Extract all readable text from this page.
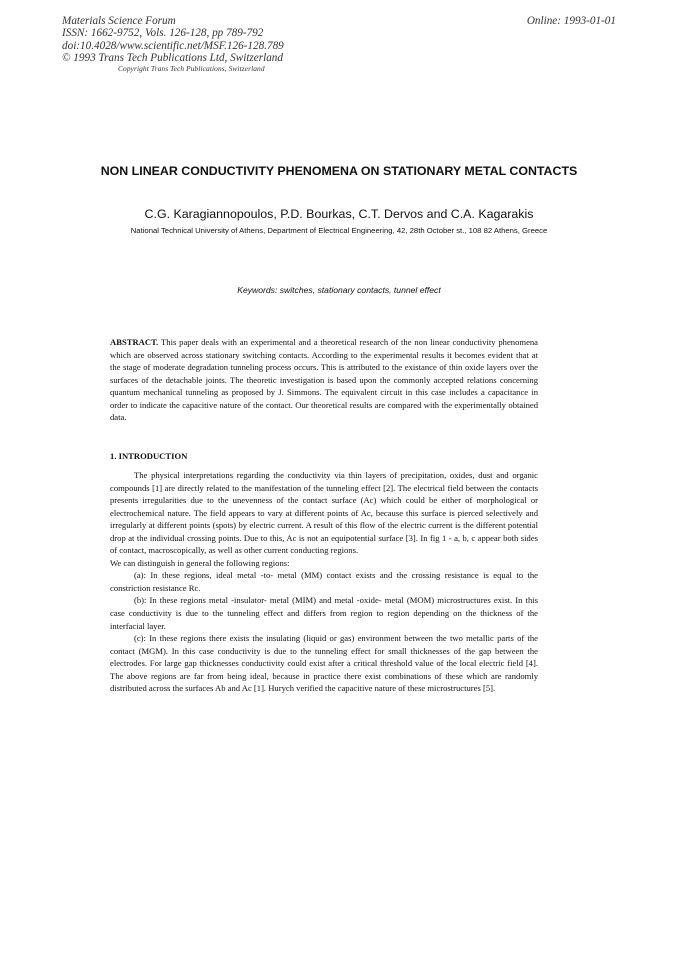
Materials Science Forum
ISSN: 1662-9752, Vols. 126-128, pp 789-792
doi:10.4028/www.scientific.net/MSF.126-128.789
© 1993 Trans Tech Publications Ltd, Switzerland
Online: 1993-01-01
Copyright Trans Tech Publications, Switzerland
NON LINEAR CONDUCTIVITY PHENOMENA ON STATIONARY METAL CONTACTS
C.G. Karagiannopoulos, P.D. Bourkas, C.T. Dervos and C.A. Kagarakis
National Technical University of Athens, Department of Electrical Engineering, 42, 28th October st., 108 82 Athens, Greece
Keywords: switches, stationary contacts, tunnel effect
ABSTRACT. This paper deals with an experimental and a theoretical research of the non linear conductivity phenomena which are observed across stationary switching contacts. According to the experimental results it becomes evident that at the stage of moderate degradation tunneling process occurs. This is attributed to the existance of thin oxide layers over the surfaces of the detachable joints. The theoretic investigation is based upon the commonly accepted relations concerning quantum mechanical tunneling as proposed by J. Simmons. The equivalent circuit in this case includes a capacitance in order to indicate the capacitive nature of the contact. Our theoretical results are compared with the experimentally obtained data.
1. INTRODUCTION

The physical interpretations regarding the conductivity via thin layers of precipitation, oxides, dust and organic compounds [1] are directly related to the manifestation of the tunneling effect [2]. The electrical field between the contacts presents irregularities due to the unevenness of the contact surface (Ac) which could be either of morphological or electrochemical nature. The field appears to vary at different points of Ac, because this surface is pierced selectively and irregularly at different points (spots) by electric current. A result of this flow of the electric current is the different potential drop at the individual crossing points. Due to this, Ac is not an equipotential surface [3]. In fig 1 - a, b, c appear both sides of contact, macroscopically, as well as other current conducting regions.

We can distinguish in general the following regions:

(a): In these regions, ideal metal -to- metal (MM) contact exists and the crossing resistance is equal to the constriction resistance Rc.

(b): In these regions metal -insulator- metal (MIM) and metal -oxide- metal (MOM) microstructures exist. In this case conductivity is due to the tunneling effect and differs from region to region depending on the thickness of the interfacial layer.

(c): In these regions there exists the insulating (liquid or gas) environment between the two metallic parts of the contact (MGM). In this case conductivity is due to the tunneling effect for small thicknesses of the gap between the electrodes. For large gap thicknesses conductivity could exist after a critical threshold value of the local electric field [4]. The above regions are far from being ideal, because in practice there exist combinations of these which are randomly distributed across the surfaces Ab and Ac [1]. Hurych verified the capacitive nature of these microstructures [5].
